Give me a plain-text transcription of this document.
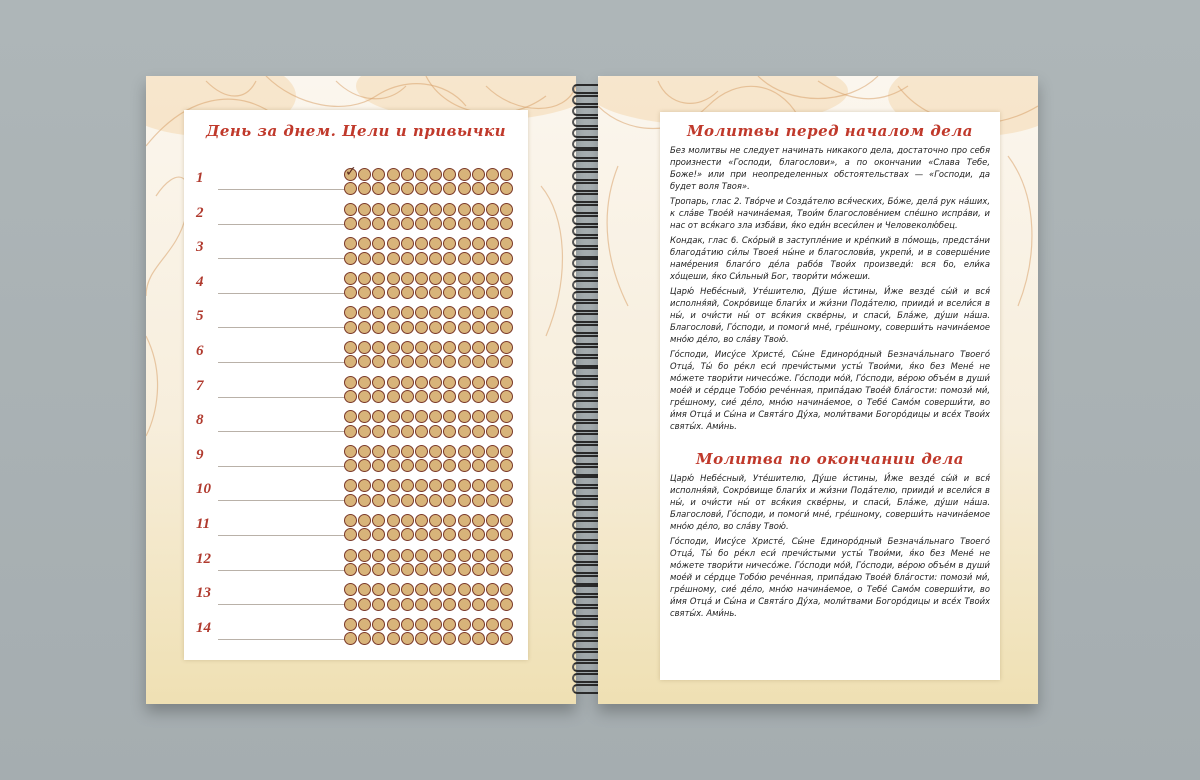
День за днем. Цели и привычки
1
✓
2
3
4
5
6
7
8
9
10
11
12
13
14
Молитвы перед началом дела

Без молитвы не следует начинать никакого дела, достаточно про себя произнести «Господи, благослови», а по окончании «Слава Тебе, Боже!» или при неопределенных обстоятельствах — «Господи, да будет воля Твоя».

Тропарь, глас 2. Тво́рче и Созда́телю вся́ческих, Бо́же, дела́ рук на́ших, к сла́ве Твое́й начина́емая, Твои́м благослове́нием спе́шно испра́ви, и нас от вся́каго зла изба́ви, я́ко еди́н всеси́лен и Человеколю́бец.

Кондак, глас 6. Ско́рый в заступле́ние и кре́пкий в по́мощь, предста́ни благода́тию си́лы Твоея́ ны́не и благослови́в, укрепи́, и в соверше́ние наме́рения благо́го де́ла рабо́в Твои́х произведи́: вся бо, ели́ка хо́щеши, я́ко Си́льный Бог, твори́ти мо́жеши.

Царю́ Небе́сный, Уте́шителю, Ду́ше и́стины, И́же везде́ сы́й и вся́ исполня́яй, Сокро́вище благи́х и жи́зни Пода́телю, прииди́ и всели́ся в ны́, и очи́сти ны́ от вся́кия скве́рны, и спаси́, Бла́же, ду́ши на́ша. Благослови́, Го́споди, и помоги́ мне́, гре́шному, соверши́ть начина́емое мно́ю де́ло, во сла́ву Твою́.

Го́споди, Иису́се Христе́, Сы́не Единоро́дный Безнача́льнаго Твоего́ Отца́, Ты́ бо ре́кл еси́ пречи́стыми усты́ Твои́ми, я́ко без Мене́ не мо́жете твори́ти ничесо́же. Го́споди мо́й, Го́споди, ве́рою объе́м в души́ мое́й и се́рдце Тобо́ю рече́нная, припа́даю Твое́й бла́гости: помози́ ми́, гре́шному, сие́ де́ло, мно́ю начина́емое, о Тебе́ Само́м соверши́ти, во и́мя Отца́ и Сы́на и Свята́го Ду́ха, моли́твами Богоро́дицы и все́х Твои́х святы́х. Ами́нь.

Молитва по окончании дела

Царю́ Небе́сный, Уте́шителю, Ду́ше и́стины, И́же везде́ сы́й и вся́ исполня́яй, Сокро́вище благи́х и жи́зни Пода́телю, прииди́ и всели́ся в ны́, и очи́сти ны́ от вся́кия скве́рны, и спаси́, Бла́же, ду́ши на́ша. Благослови́, Го́споди, и помоги́ мне́, гре́шному, соверши́ть начина́емое мно́ю де́ло, во сла́ву Твою́.

Го́споди, Иису́се Христе́, Сы́не Единоро́дный Безнача́льнаго Твоего́ Отца́, Ты́ бо ре́кл еси́ пречи́стыми усты́ Твои́ми, я́ко без Мене́ не мо́жете твори́ти ничесо́же. Го́споди мо́й, Го́споди, ве́рою объе́м в души́ мое́й и се́рдце Тобо́ю рече́нная, припа́даю Твое́й бла́гости: помози́ ми́, гре́шному, сие́ де́ло, мно́ю начина́емое, о Тебе́ Само́м соверши́ти, во и́мя Отца́ и Сы́на и Свята́го Ду́ха, моли́твами Богоро́дицы и все́х Твои́х святы́х. Ами́нь.
